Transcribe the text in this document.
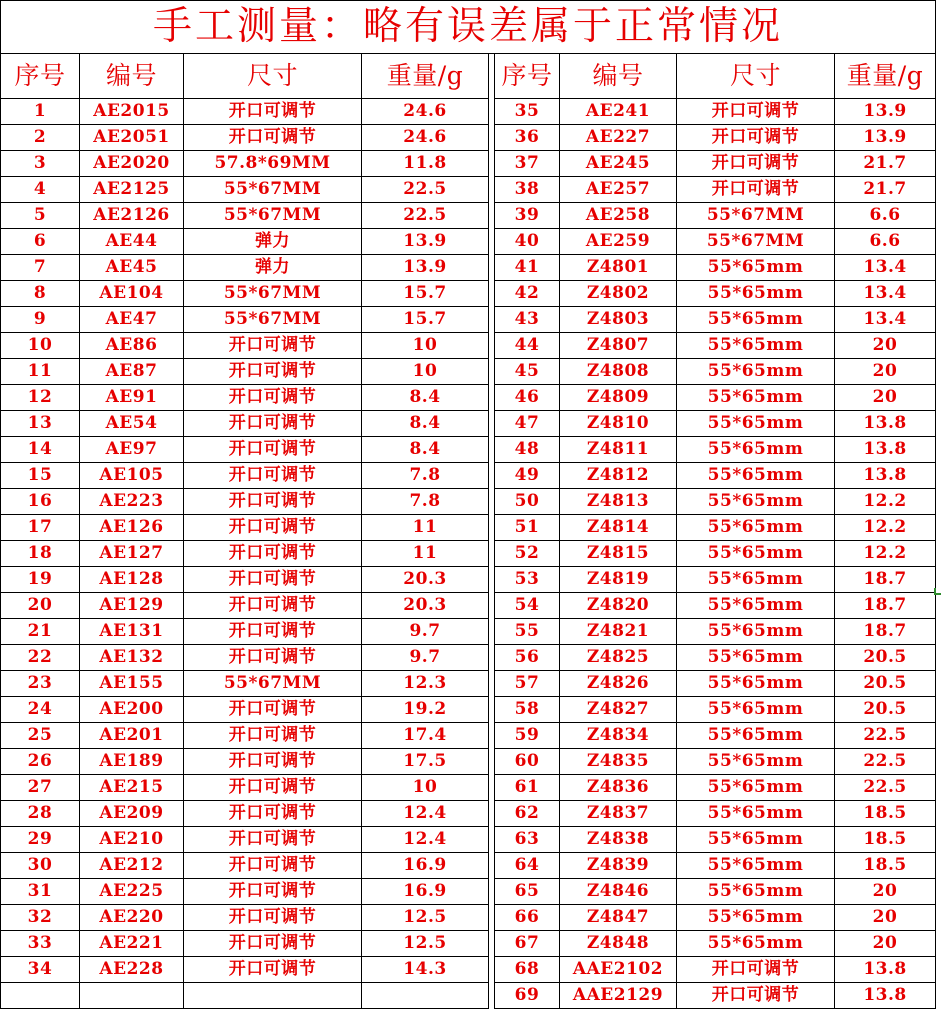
手工测量：略有误差属于正常情况								
序号	编号	尺寸	重量/g		序号	编号	尺寸	重量/g
1	AE2015	开口可调节	24.6		35	AE241	开口可调节	13.9
2	AE2051	开口可调节	24.6		36	AE227	开口可调节	13.9
3	AE2020	57.8*69MM	11.8		37	AE245	开口可调节	21.7
4	AE2125	55*67MM	22.5		38	AE257	开口可调节	21.7
5	AE2126	55*67MM	22.5		39	AE258	55*67MM	6.6
6	AE44	弹力	13.9		40	AE259	55*67MM	6.6
7	AE45	弹力	13.9		41	Z4801	55*65mm	13.4
8	AE104	55*67MM	15.7		42	Z4802	55*65mm	13.4
9	AE47	55*67MM	15.7		43	Z4803	55*65mm	13.4
10	AE86	开口可调节	10		44	Z4807	55*65mm	20
11	AE87	开口可调节	10		45	Z4808	55*65mm	20
12	AE91	开口可调节	8.4		46	Z4809	55*65mm	20
13	AE54	开口可调节	8.4		47	Z4810	55*65mm	13.8
14	AE97	开口可调节	8.4		48	Z4811	55*65mm	13.8
15	AE105	开口可调节	7.8		49	Z4812	55*65mm	13.8
16	AE223	开口可调节	7.8		50	Z4813	55*65mm	12.2
17	AE126	开口可调节	11		51	Z4814	55*65mm	12.2
18	AE127	开口可调节	11		52	Z4815	55*65mm	12.2
19	AE128	开口可调节	20.3		53	Z4819	55*65mm	18.7
20	AE129	开口可调节	20.3		54	Z4820	55*65mm	18.7
21	AE131	开口可调节	9.7		55	Z4821	55*65mm	18.7
22	AE132	开口可调节	9.7		56	Z4825	55*65mm	20.5
23	AE155	55*67MM	12.3		57	Z4826	55*65mm	20.5
24	AE200	开口可调节	19.2		58	Z4827	55*65mm	20.5
25	AE201	开口可调节	17.4		59	Z4834	55*65mm	22.5
26	AE189	开口可调节	17.5		60	Z4835	55*65mm	22.5
27	AE215	开口可调节	10		61	Z4836	55*65mm	22.5
28	AE209	开口可调节	12.4		62	Z4837	55*65mm	18.5
29	AE210	开口可调节	12.4		63	Z4838	55*65mm	18.5
30	AE212	开口可调节	16.9		64	Z4839	55*65mm	18.5
31	AE225	开口可调节	16.9		65	Z4846	55*65mm	20
32	AE220	开口可调节	12.5		66	Z4847	55*65mm	20
33	AE221	开口可调节	12.5		67	Z4848	55*65mm	20
34	AE228	开口可调节	14.3		68	AAE2102	开口可调节	13.8
					69	AAE2129	开口可调节	13.8
